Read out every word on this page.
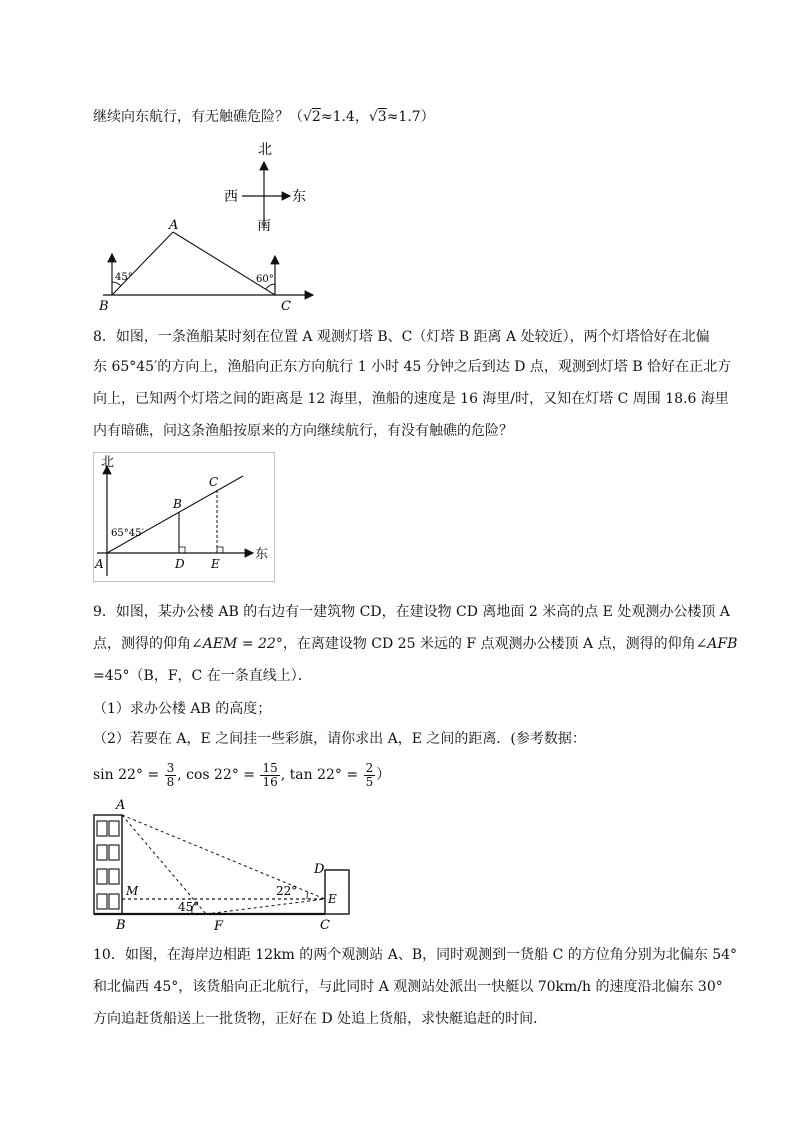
继续向东航行，有无触礁危险？（√2≈1.4，√3≈1.7）
北
西	东
南
A
B	C
45°	60°
8．如图，一条渔船某时刻在位置 A 观测灯塔 B、C（灯塔 B 距离 A 处较近），两个灯塔恰好在北偏
东 65°45′的方向上，渔船向正东方向航行 1 小时 45 分钟之后到达 D 点，观测到灯塔 B 恰好在正北方
向上，已知两个灯塔之间的距离是 12 海里，渔船的速度是 16 海里/时，又知在灯塔 C 周围 18.6 海里
内有暗礁，问这条渔船按原来的方向继续航行，有没有触礁的危险？
北
东
65°45′
A
B
C
D E
9．如图，某办公楼 AB 的右边有一建筑物 CD，在建设物 CD 离地面 2 米高的点 E 处观测办公楼顶 A
点，测得的仰角∠AEM = 22°，在离建设物 CD 25 米远的 F 点观测办公楼顶 A 点，测得的仰角∠AFB
=45°（B，F，C 在一条直线上）．
（1）求办公楼 AB 的高度；
（2）若要在 A，E 之间挂一些彩旗，请你求出 A，E 之间的距离．(参考数据：
$\sin 22^\circ = \frac{3}{8}$ , $\cos 22^\circ = \frac{15}{16}$ , $\tan 22^\circ = \frac{2}{5}$ ）
A
B
M
F	C
D
E
45°
22°
10．如图，在海岸边相距 12km 的两个观测站 A、B，同时观测到一货船 C 的方位角分别为北偏东 54°
和北偏西 45°，该货船向正北航行，与此同时 A 观测站处派出一快艇以 70km/h 的速度沿北偏东 30°
方向追赶货船送上一批货物，正好在 D 处追上货船，求快艇追赶的时间．
